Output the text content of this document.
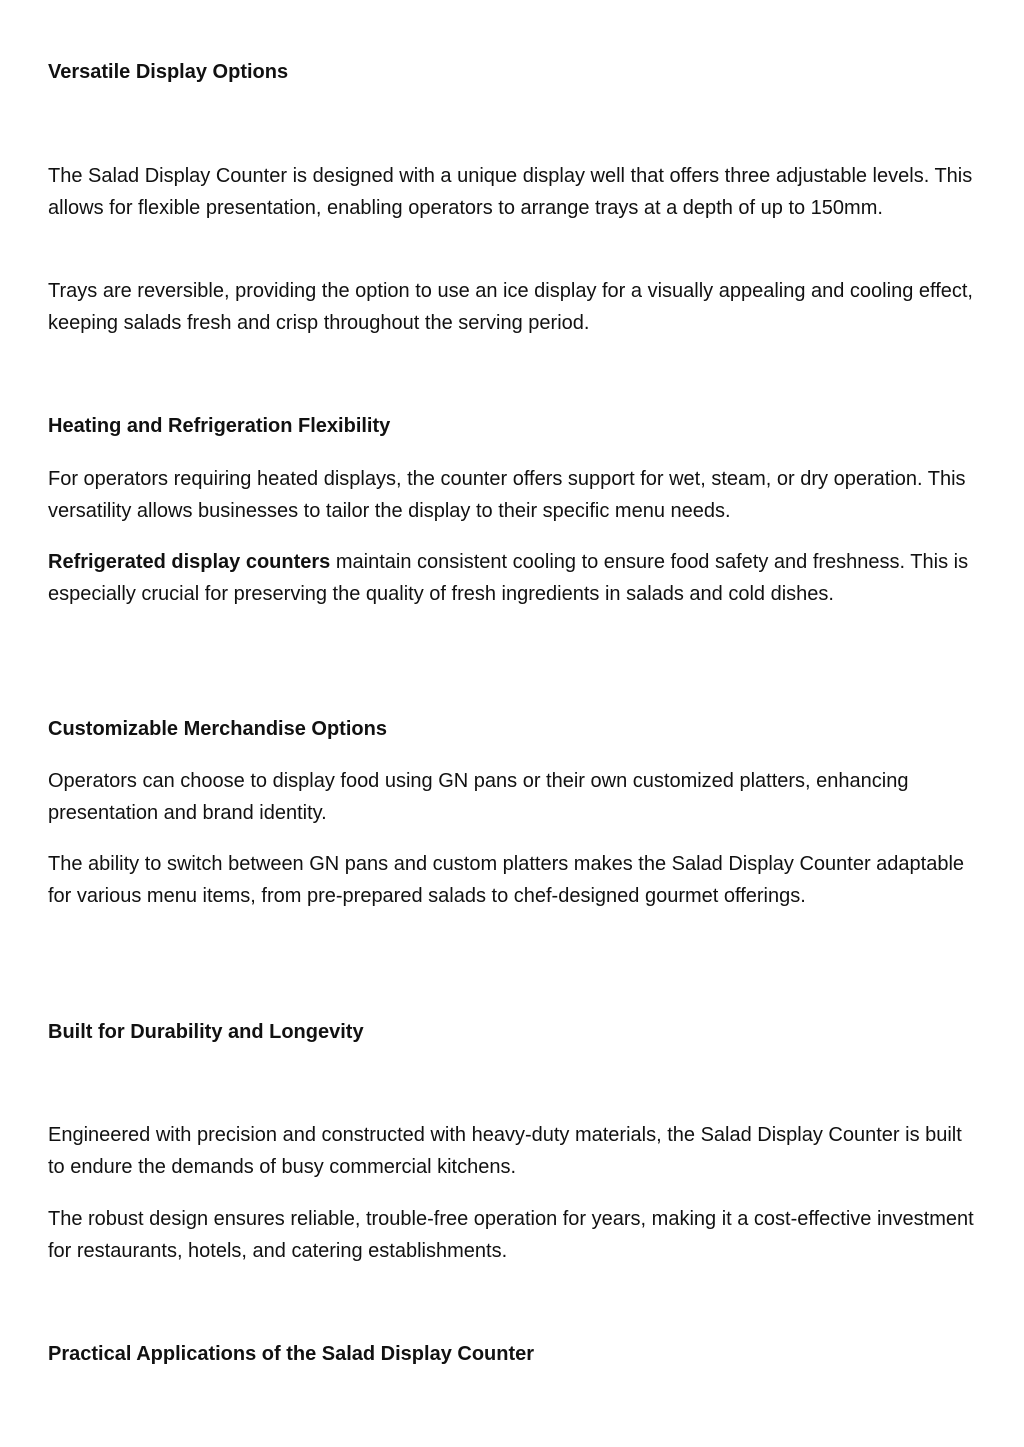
Versatile Display Options

The Salad Display Counter is designed with a unique display well that offers three adjustable levels. This allows for flexible presentation, enabling operators to arrange trays at a depth of up to 150mm.

Trays are reversible, providing the option to use an ice display for a visually appealing and cooling effect, keeping salads fresh and crisp throughout the serving period.

Heating and Refrigeration Flexibility

For operators requiring heated displays, the counter offers support for wet, steam, or dry operation. This versatility allows businesses to tailor the display to their specific menu needs.

Refrigerated display counters maintain consistent cooling to ensure food safety and freshness. This is especially crucial for preserving the quality of fresh ingredients in salads and cold dishes.

Customizable Merchandise Options

Operators can choose to display food using GN pans or their own customized platters, enhancing presentation and brand identity.

The ability to switch between GN pans and custom platters makes the Salad Display Counter adaptable for various menu items, from pre-prepared salads to chef-designed gourmet offerings.

Built for Durability and Longevity

Engineered with precision and constructed with heavy-duty materials, the Salad Display Counter is built to endure the demands of busy commercial kitchens.

The robust design ensures reliable, trouble-free operation for years, making it a cost-effective investment for restaurants, hotels, and catering establishments.

Practical Applications of the Salad Display Counter
